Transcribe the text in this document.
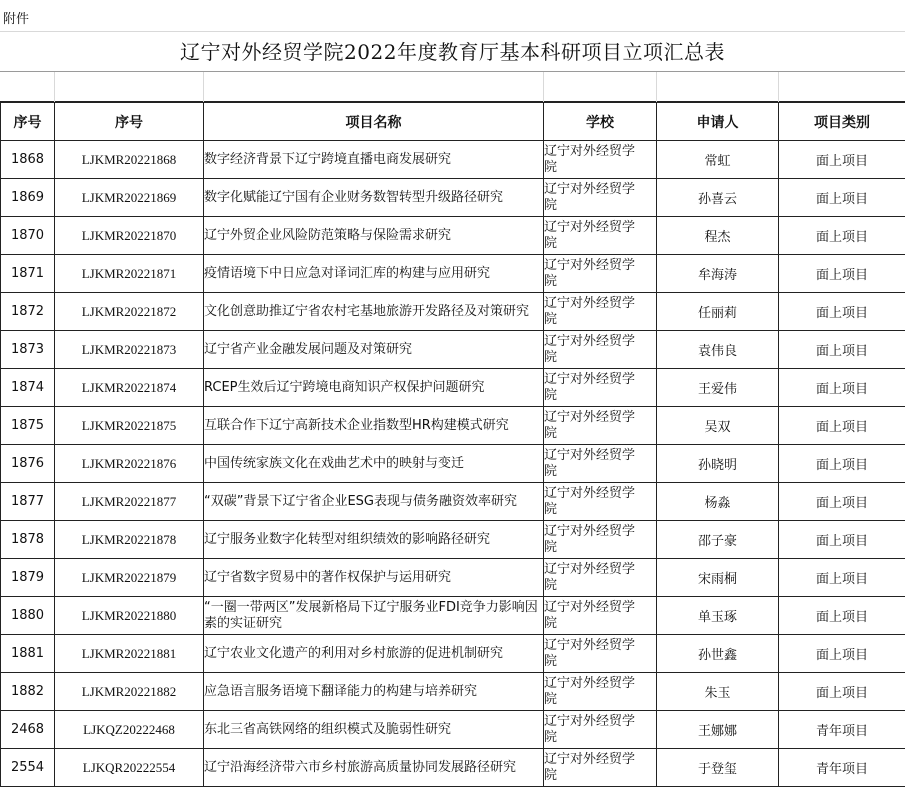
附件
辽宁对外经贸学院2022年度教育厅基本科研项目立项汇总表
序号	序号	项目名称	学校	申请人	项目类别
1868	LJKMR20221868	数字经济背景下辽宁跨境直播电商发展研究	辽宁对外经贸学院	常虹	面上项目
1869	LJKMR20221869	数字化赋能辽宁国有企业财务数智转型升级路径研究	辽宁对外经贸学院	孙喜云	面上项目
1870	LJKMR20221870	辽宁外贸企业风险防范策略与保险需求研究	辽宁对外经贸学院	程杰	面上项目
1871	LJKMR20221871	疫情语境下中日应急对译词汇库的构建与应用研究	辽宁对外经贸学院	牟海涛	面上项目
1872	LJKMR20221872	文化创意助推辽宁省农村宅基地旅游开发路径及对策研究	辽宁对外经贸学院	任丽莉	面上项目
1873	LJKMR20221873	辽宁省产业金融发展问题及对策研究	辽宁对外经贸学院	袁伟良	面上项目
1874	LJKMR20221874	RCEP生效后辽宁跨境电商知识产权保护问题研究	辽宁对外经贸学院	王爱伟	面上项目
1875	LJKMR20221875	互联合作下辽宁高新技术企业指数型HR构建模式研究	辽宁对外经贸学院	吴双	面上项目
1876	LJKMR20221876	中国传统家族文化在戏曲艺术中的映射与变迁	辽宁对外经贸学院	孙晓明	面上项目
1877	LJKMR20221877	“双碳”背景下辽宁省企业ESG表现与债务融资效率研究	辽宁对外经贸学院	杨淼	面上项目
1878	LJKMR20221878	辽宁服务业数字化转型对组织绩效的影响路径研究	辽宁对外经贸学院	邵子豪	面上项目
1879	LJKMR20221879	辽宁省数字贸易中的著作权保护与运用研究	辽宁对外经贸学院	宋雨桐	面上项目
1880	LJKMR20221880	“一圈一带两区”发展新格局下辽宁服务业FDI竞争力影响因素的实证研究	辽宁对外经贸学院	单玉琢	面上项目
1881	LJKMR20221881	辽宁农业文化遗产的利用对乡村旅游的促进机制研究	辽宁对外经贸学院	孙世鑫	面上项目
1882	LJKMR20221882	应急语言服务语境下翻译能力的构建与培养研究	辽宁对外经贸学院	朱玉	面上项目
2468	LJKQZ20222468	东北三省高铁网络的组织模式及脆弱性研究	辽宁对外经贸学院	王娜娜	青年项目
2554	LJKQR20222554	辽宁沿海经济带六市乡村旅游高质量协同发展路径研究	辽宁对外经贸学院	于登玺	青年项目
